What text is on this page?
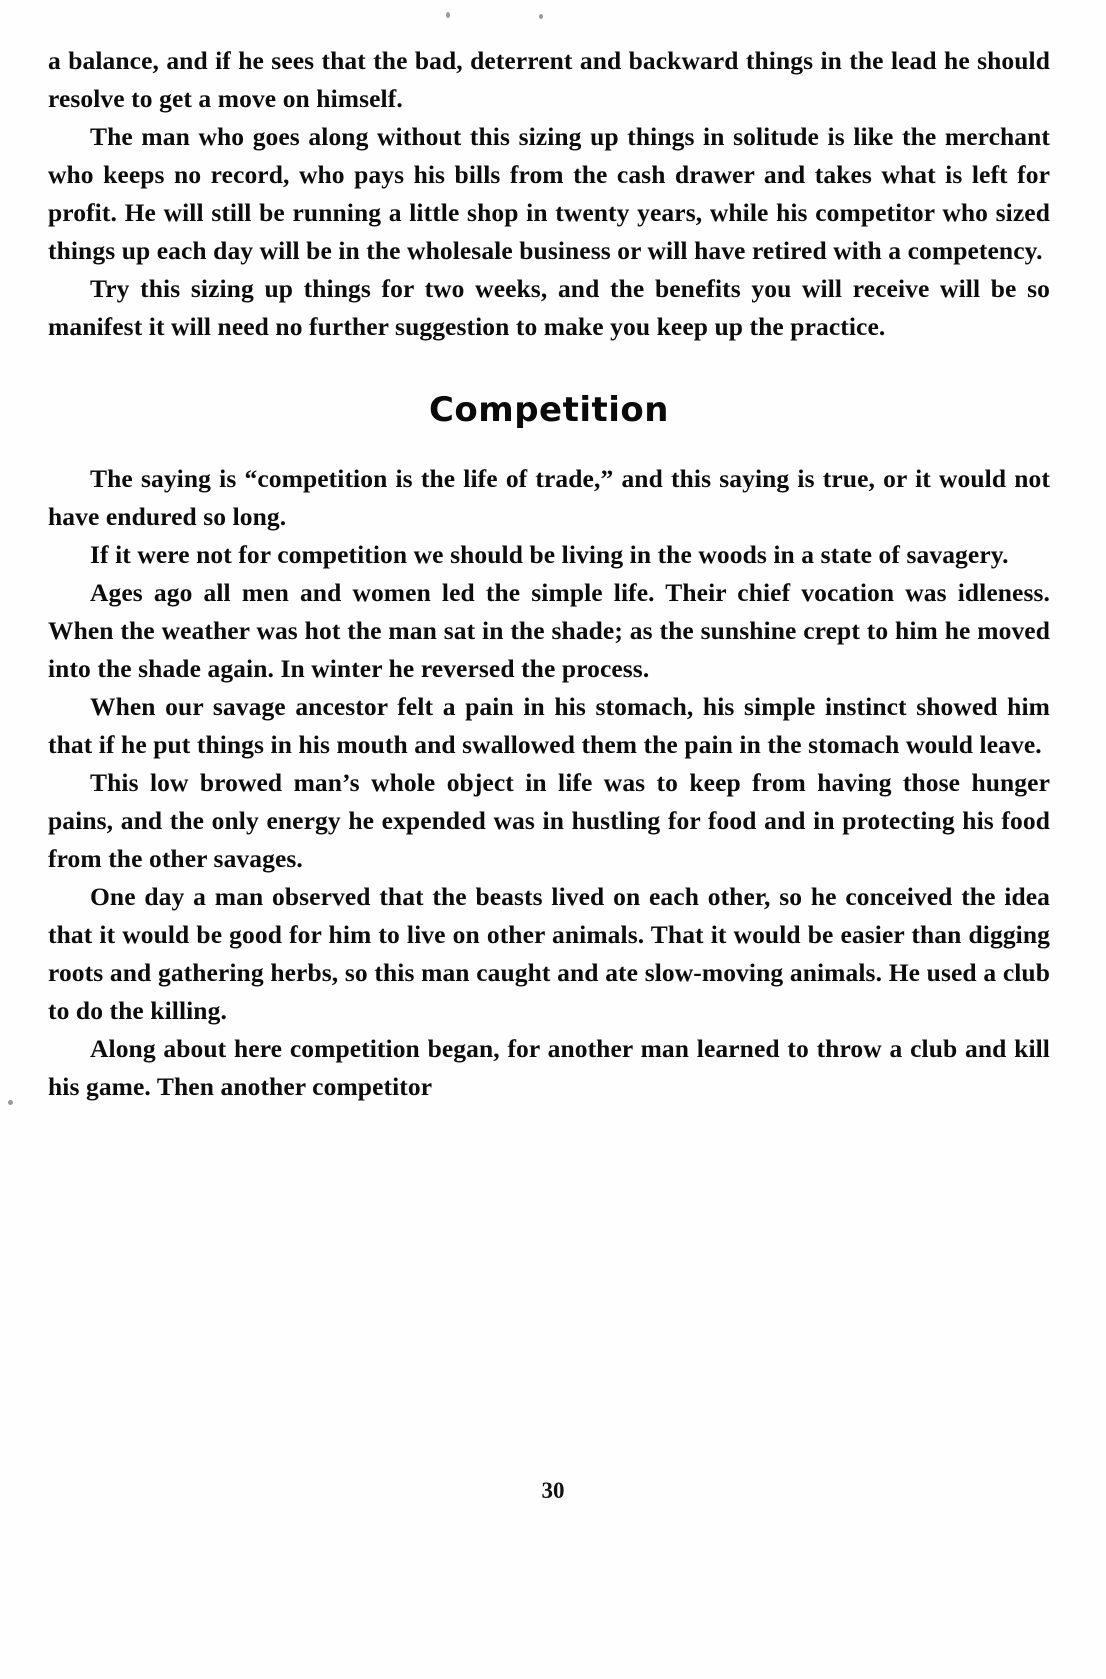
a balance, and if he sees that the bad, deterrent and backward things in the lead he should resolve to get a move on himself.

The man who goes along without this sizing up things in solitude is like the merchant who keeps no record, who pays his bills from the cash drawer and takes what is left for profit. He will still be running a little shop in twenty years, while his competitor who sized things up each day will be in the wholesale business or will have retired with a competency.

Try this sizing up things for two weeks, and the benefits you will receive will be so manifest it will need no further suggestion to make you keep up the practice.

Competition

The saying is “competition is the life of trade,” and this saying is true, or it would not have endured so long.

If it were not for competition we should be living in the woods in a state of savagery.

Ages ago all men and women led the simple life. Their chief vocation was idleness. When the weather was hot the man sat in the shade; as the sunshine crept to him he moved into the shade again. In winter he reversed the process.

When our savage ancestor felt a pain in his stomach, his simple instinct showed him that if he put things in his mouth and swallowed them the pain in the stomach would leave.

This low browed man’s whole object in life was to keep from having those hunger pains, and the only energy he expended was in hustling for food and in protecting his food from the other savages.

One day a man observed that the beasts lived on each other, so he conceived the idea that it would be good for him to live on other animals. That it would be easier than digging roots and gathering herbs, so this man caught and ate slow-moving animals. He used a club to do the killing.

Along about here competition began, for another man learned to throw a club and kill his game. Then another competitor

30
